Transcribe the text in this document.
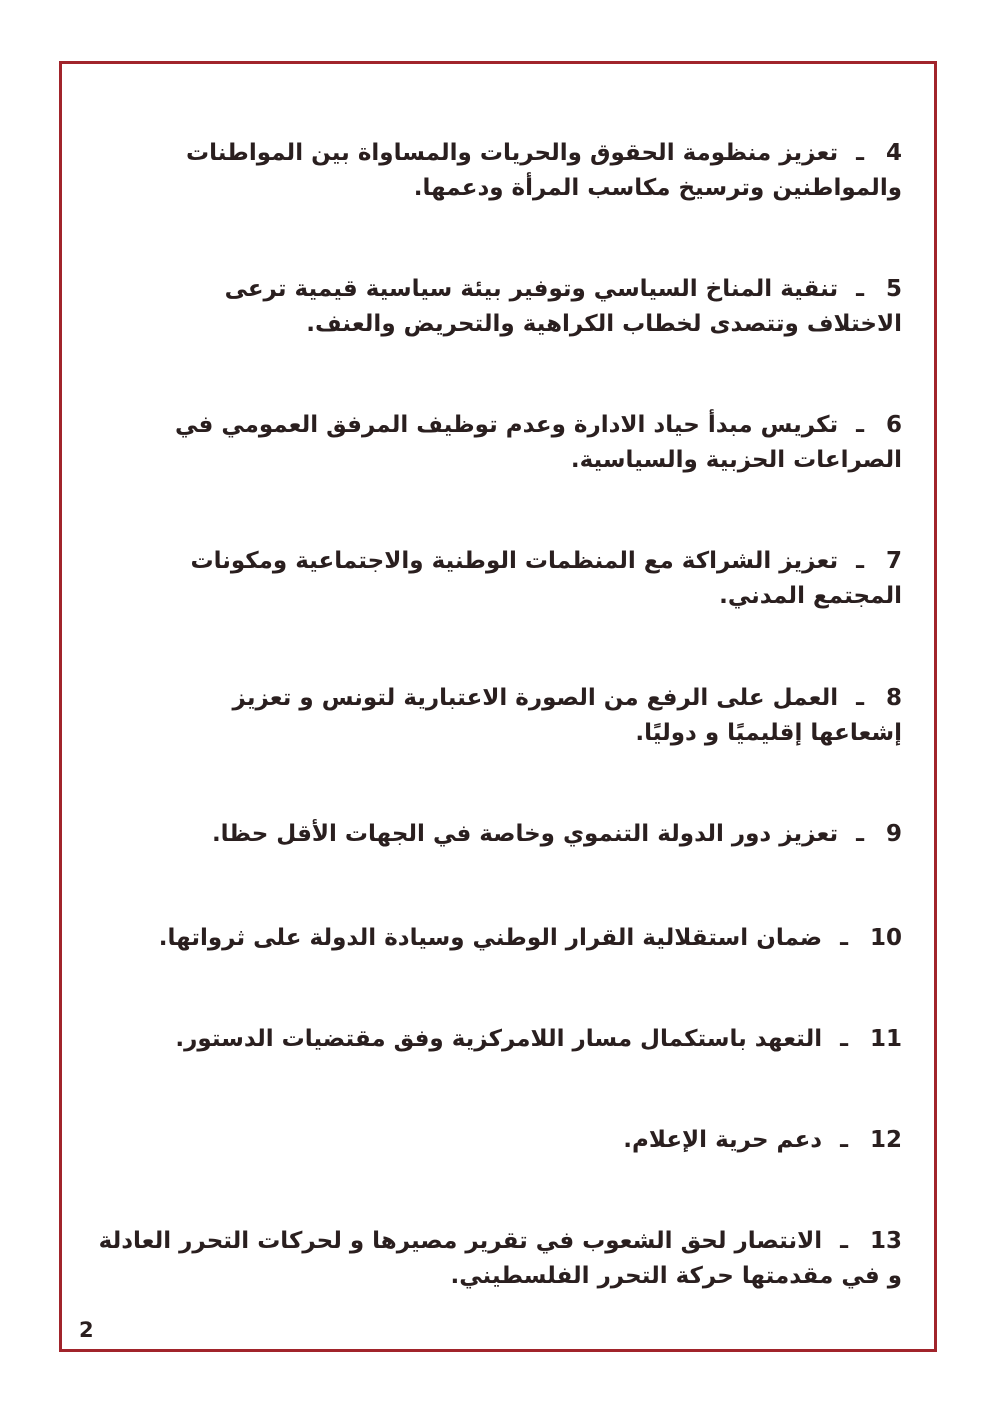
4ـتعزيز منظومة الحقوق والحريات والمساواة بين المواطنات
والمواطنين وترسيخ مكاسب المرأة ودعمها.
5ـتنقية المناخ السياسي وتوفير بيئة سياسية قيمية ترعى
الاختلاف وتتصدى لخطاب الكراهية والتحريض والعنف.
6ـتكريس مبدأ حياد الادارة وعدم توظيف المرفق العمومي في
الصراعات الحزبية والسياسية.
7ـتعزيز الشراكة مع المنظمات الوطنية والاجتماعية ومكونات
المجتمع المدني.
8ـالعمل على الرفع من الصورة الاعتبارية لتونس و تعزيز
إشعاعها إقليميًا و دوليًا.
9ـتعزيز دور الدولة التنموي وخاصة في الجهات الأقل حظا.
10ـضمان استقلالية القرار الوطني وسيادة الدولة على ثرواتها.
11ـالتعهد باستكمال مسار اللامركزية وفق مقتضيات الدستور.
12ـدعم حرية الإعلام.
13ـالانتصار لحق الشعوب في تقرير مصيرها و لحركات التحرر العادلة
و في مقدمتها حركة التحرر الفلسطيني.
2
